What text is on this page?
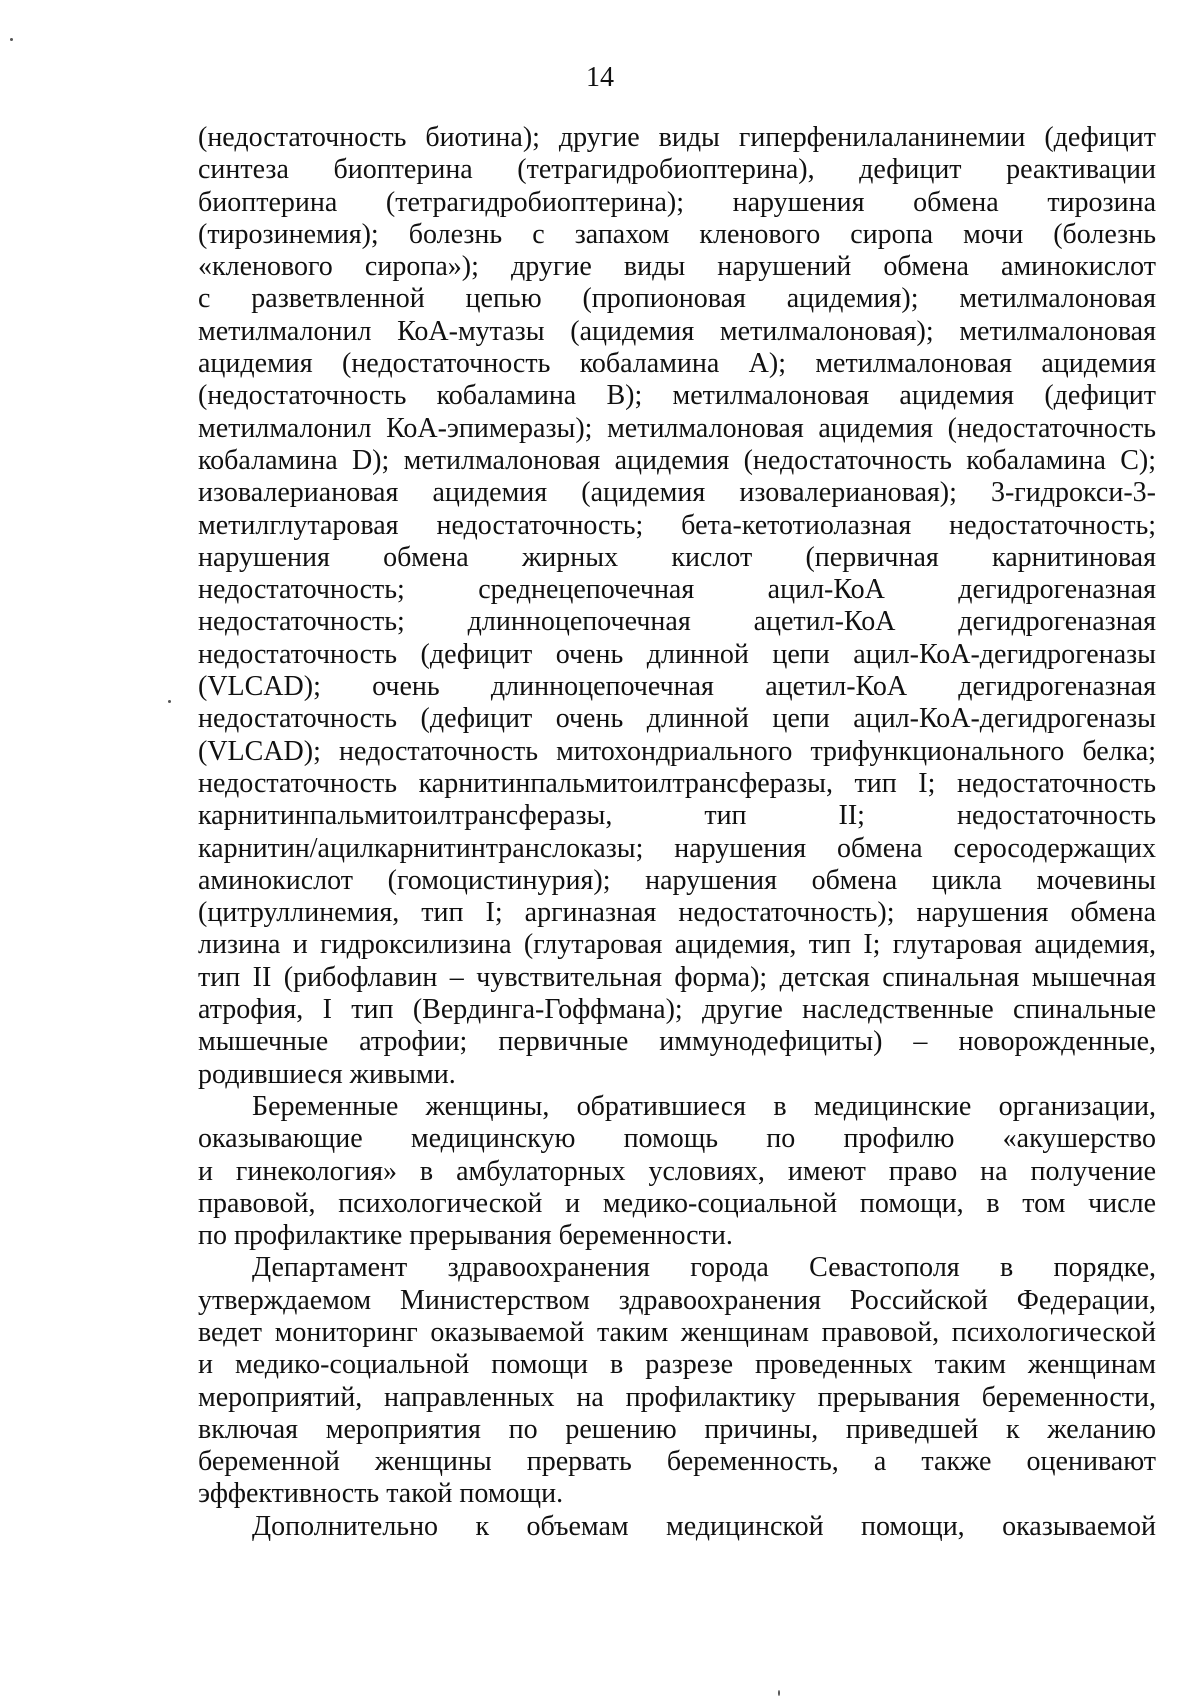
14
(недостаточность биотина); другие виды гиперфенилаланинемии (дефицит
синтеза биоптерина (тетрагидробиоптерина), дефицит реактивации
биоптерина (тетрагидробиоптерина); нарушения обмена тирозина
(тирозинемия); болезнь с запахом кленового сиропа мочи (болезнь
«кленового сиропа»); другие виды нарушений обмена аминокислот
с разветвленной цепью (пропионовая ацидемия); метилмалоновая
метилмалонил КоА-мутазы (ацидемия метилмалоновая); метилмалоновая
ацидемия (недостаточность кобаламина А); метилмалоновая ацидемия
(недостаточность кобаламина В); метилмалоновая ацидемия (дефицит
метилмалонил КоА-эпимеразы); метилмалоновая ацидемия (недостаточность
кобаламина D); метилмалоновая ацидемия (недостаточность кобаламина С);
изовалериановая ацидемия (ацидемия изовалериановая); 3-гидрокси-3-
метилглутаровая недостаточность; бета-кетотиолазная недостаточность;
нарушения обмена жирных кислот (первичная карнитиновая
недостаточность; среднецепочечная ацил-КоА дегидрогеназная
недостаточность; длинноцепочечная ацетил-КоА дегидрогеназная
недостаточность (дефицит очень длинной цепи ацил-КоА-дегидрогеназы
(VLCAD); очень длинноцепочечная ацетил-КоА дегидрогеназная
недостаточность (дефицит очень длинной цепи ацил-КоА-дегидрогеназы
(VLCAD); недостаточность митохондриального трифункционального белка;
недостаточность карнитинпальмитоилтрансферазы, тип I; недостаточность
карнитинпальмитоилтрансферазы, тип II; недостаточность
карнитин/ацилкарнитинтранслоказы; нарушения обмена серосодержащих
аминокислот (гомоцистинурия); нарушения обмена цикла мочевины
(цитруллинемия, тип I; аргиназная недостаточность); нарушения обмена
лизина и гидроксилизина (глутаровая ацидемия, тип I; глутаровая ацидемия,
тип II (рибофлавин – чувствительная форма); детская спинальная мышечная
атрофия, I тип (Вердинга-Гоффмана); другие наследственные спинальные
мышечные атрофии; первичные иммунодефициты) – новорожденные,
родившиеся живыми.
Беременные женщины, обратившиеся в медицинские организации,
оказывающие медицинскую помощь по профилю «акушерство
и гинекология» в амбулаторных условиях, имеют право на получение
правовой, психологической и медико-социальной помощи, в том числе
по профилактике прерывания беременности.
Департамент здравоохранения города Севастополя в порядке,
утверждаемом Министерством здравоохранения Российской Федерации,
ведет мониторинг оказываемой таким женщинам правовой, психологической
и медико-социальной помощи в разрезе проведенных таким женщинам
мероприятий, направленных на профилактику прерывания беременности,
включая мероприятия по решению причины, приведшей к желанию
беременной женщины прервать беременность, а также оценивают
эффективность такой помощи.
Дополнительно к объемам медицинской помощи, оказываемой
